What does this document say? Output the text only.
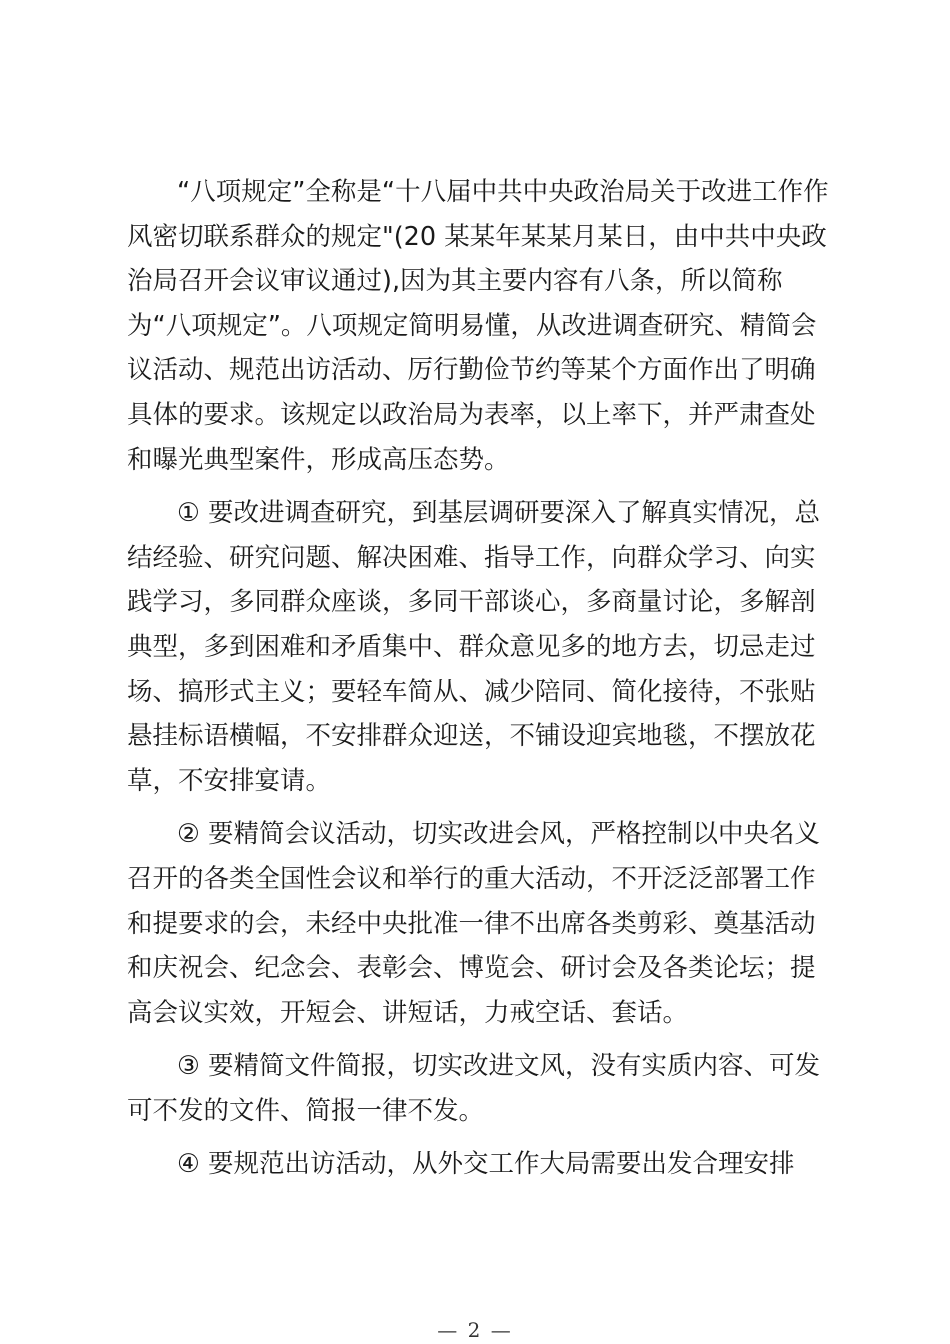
“八项规定”全称是“十八届中共中央政治局关于改进工作作
风密切联系群众的规定"(20 某某年某某月某日，由中共中央政
治局召开会议审议通过),因为其主要内容有八条，所以简称
为“八项规定”。八项规定简明易懂，从改进调查研究、精简会
议活动、规范出访活动、厉行勤俭节约等某个方面作出了明确
具体的要求。该规定以政治局为表率，以上率下，并严肃查处
和曝光典型案件，形成高压态势。

① 要改进调查研究，到基层调研要深入了解真实情况，总
结经验、研究问题、解决困难、指导工作，向群众学习、向实
践学习，多同群众座谈，多同干部谈心，多商量讨论，多解剖
典型，多到困难和矛盾集中、群众意见多的地方去，切忌走过
场、搞形式主义；要轻车简从、减少陪同、简化接待，不张贴
悬挂标语横幅，不安排群众迎送，不铺设迎宾地毯，不摆放花
草，不安排宴请。

② 要精简会议活动，切实改进会风，严格控制以中央名义
召开的各类全国性会议和举行的重大活动，不开泛泛部署工作
和提要求的会，未经中央批准一律不出席各类剪彩、奠基活动
和庆祝会、纪念会、表彰会、博览会、研讨会及各类论坛；提
高会议实效，开短会、讲短话，力戒空话、套话。

③ 要精简文件简报，切实改进文风，没有实质内容、可发
可不发的文件、简报一律不发。

④ 要规范出访活动，从外交工作大局需要出发合理安排

— 2 —
